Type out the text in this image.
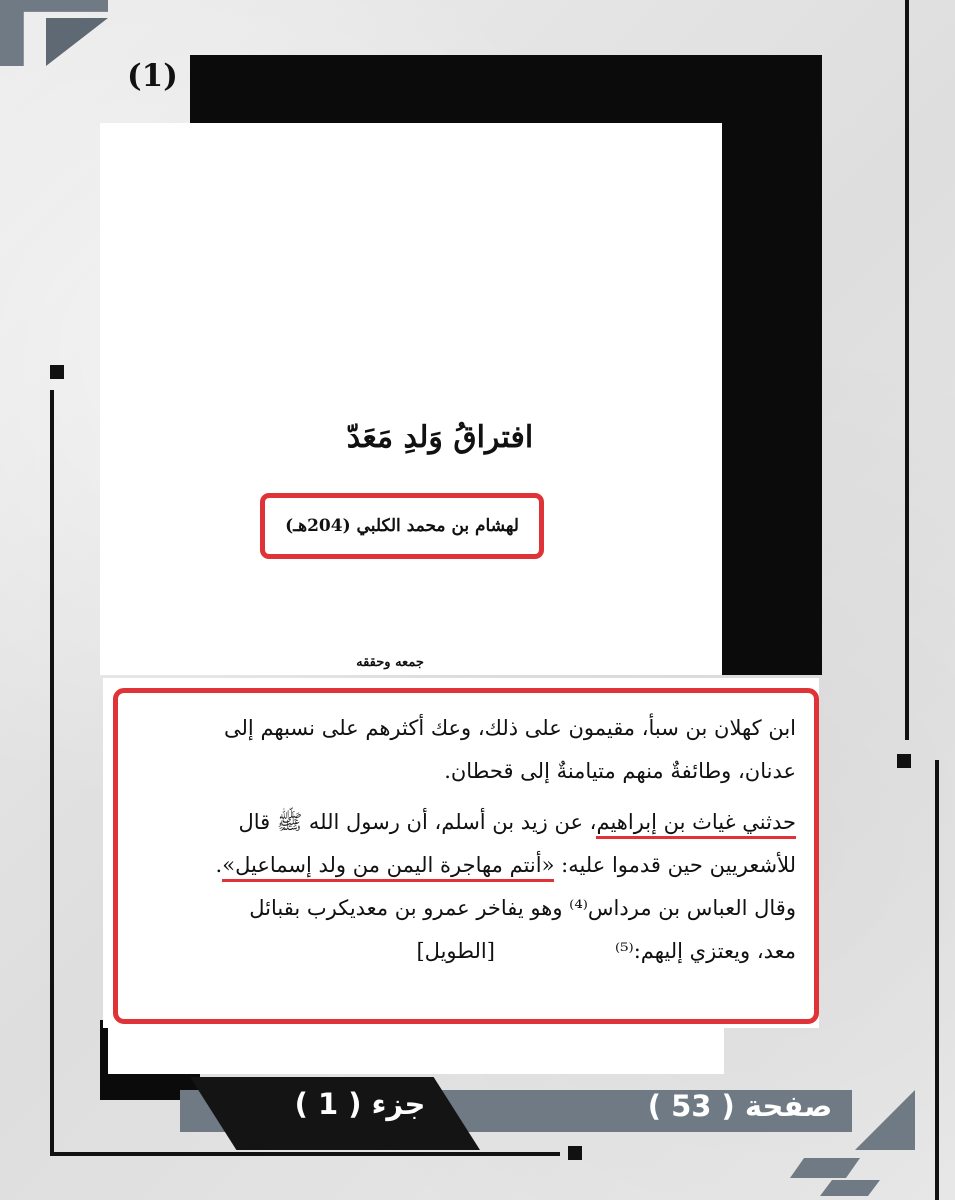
(1)
افتراقُ وَلدِ مَعَدّ
لهشام بن محمد الكلبي (204هـ)
جمعه وحققه

ابن كهلان بن سبأ، مقيمون على ذلك، وعك أكثرهم على نسبهم إلى

عدنان، وطائفةٌ منهم متيامنةٌ إلى قحطان.

حدثني غياث بن إبراهيم، عن زيد بن أسلم، أن رسول الله ﷺ قال

للأشعريين حين قدموا عليه: «أنتم مهاجرة اليمن من ولد إسماعيل».

وقال العباس بن مرداس⁽⁴⁾ وهو يفاخر عمرو بن معديكرب بقبائل

معد، ويعتزي إليهم:⁽⁵⁾[الطويل]

جزء ( 1 )	صفحة ( 53 )
